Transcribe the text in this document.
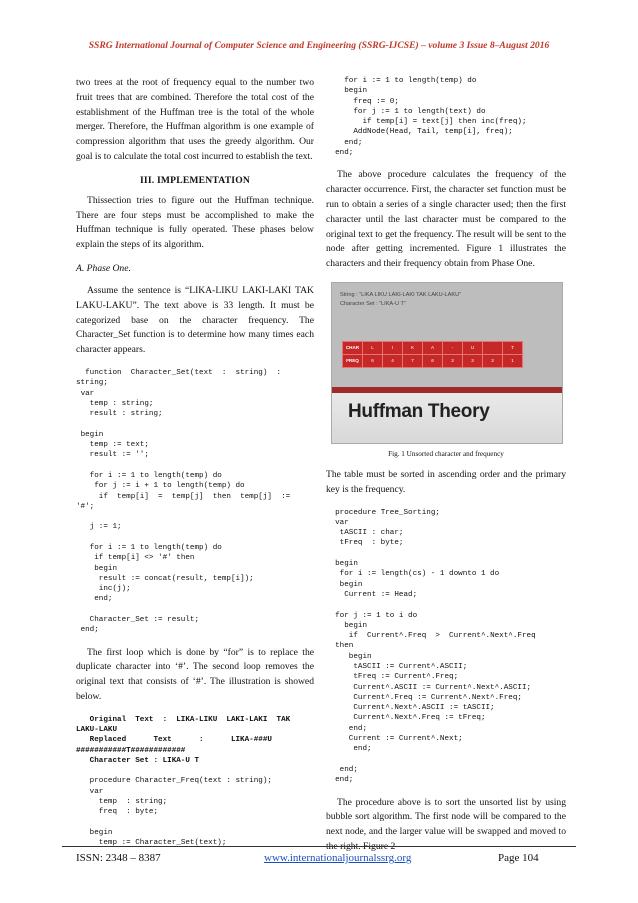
SSRG International Journal of Computer Science and Engineering (SSRG-IJCSE) – volume 3 Issue 8–August 2016

two trees at the root of frequency equal to the number two fruit trees that are combined. Therefore the total cost of the establishment of the Huffman tree is the total of the whole merger. Therefore, the Huffman algorithm is one example of compression algorithm that uses the greedy algorithm. Our goal is to calculate the total cost incurred to establish the text.

III. IMPLEMENTATION

Thissection tries to figure out the Huffman technique. There are four steps must be accomplished to make the Huffman technique is fully operated. These phases below explain the steps of its algorithm.

A. Phase One.

Assume the sentence is “LIKA-LIKU LAKI-LAKI TAK LAKU-LAKU”. The text above is 33 length. It must be categorized base on the character frequency. The Character_Set function is to determine how many times each character appears.

function  Character_Set(text  :  string)  :
string;
var
temp : string;
result : string;

begin
temp := text;
result := '';

for i := 1 to length(temp) do
for j := i + 1 to length(temp) do
if  temp[i]  =  temp[j]  then  temp[j]  :=
'#';

j := 1;

for i := 1 to length(temp) do
if temp[i] <> '#' then
begin
result := concat(result, temp[i]);
inc(j);
end;

Character_Set := result;
end;

The first loop which is done by “for” is to replace the duplicate character into ‘#’. The second loop removes the original text that consists of ‘#’. The illustration is showed below.

Original  Text  :  LIKA-LIKU  LAKI-LAKI  TAK
LAKU-LAKU
Replaced      Text      :      LIKA-###U
###########T############
Character Set : LIKA-U T
procedure Character_Freq(text : string);
var
temp  : string;
freq  : byte;

begin
temp := Character_Set(text);
for i := 1 to length(temp) do
begin
freq := 0;
for j := 1 to length(text) do
if temp[i] = text[j] then inc(freq);
AddNode(Head, Tail, temp[i], freq);
end;
end;

The above procedure calculates the frequency of the character occurrence. First, the character set function must be run to obtain a series of a single character used; then the first character until the last character must be compared to the original text to get the frequency. The result will be sent to the node after getting incremented. Figure 1 illustrates the characters and their frequency obtain from Phase One.

String : “LIKA LIKU LAKI-LAKI TAK LAKU-LAKU”
Character Set : “LIKA-U T”
CHAR	L	I	K	A	-	U		T
FREQ	6	4	7	6	3	3	3	1
Huffman Theory
Fig. 1 Unsorted character and frequency

The table must be sorted in ascending order and the primary key is the frequency.

procedure Tree_Sorting;
var
tASCII : char;
tFreq  : byte;

begin
for i := length(cs) - 1 downto 1 do
begin
Current := Head;

for j := 1 to i do
begin
if  Current^.Freq  >  Current^.Next^.Freq
then
begin
tASCII := Current^.ASCII;
tFreq := Current^.Freq;
Current^.ASCII := Current^.Next^.ASCII;
Current^.Freq := Current^.Next^.Freq;
Current^.Next^.ASCII := tASCII;
Current^.Next^.Freq := tFreq;
end;
Current := Current^.Next;
end;

end;
end;

The procedure above is to sort the unsorted list by using bubble sort algorithm. The first node will be compared to the next node, and the larger value will be swapped and moved to the right. Figure 2

ISSN: 2348 – 8387	www.internationaljournalssrg.org	Page 104
